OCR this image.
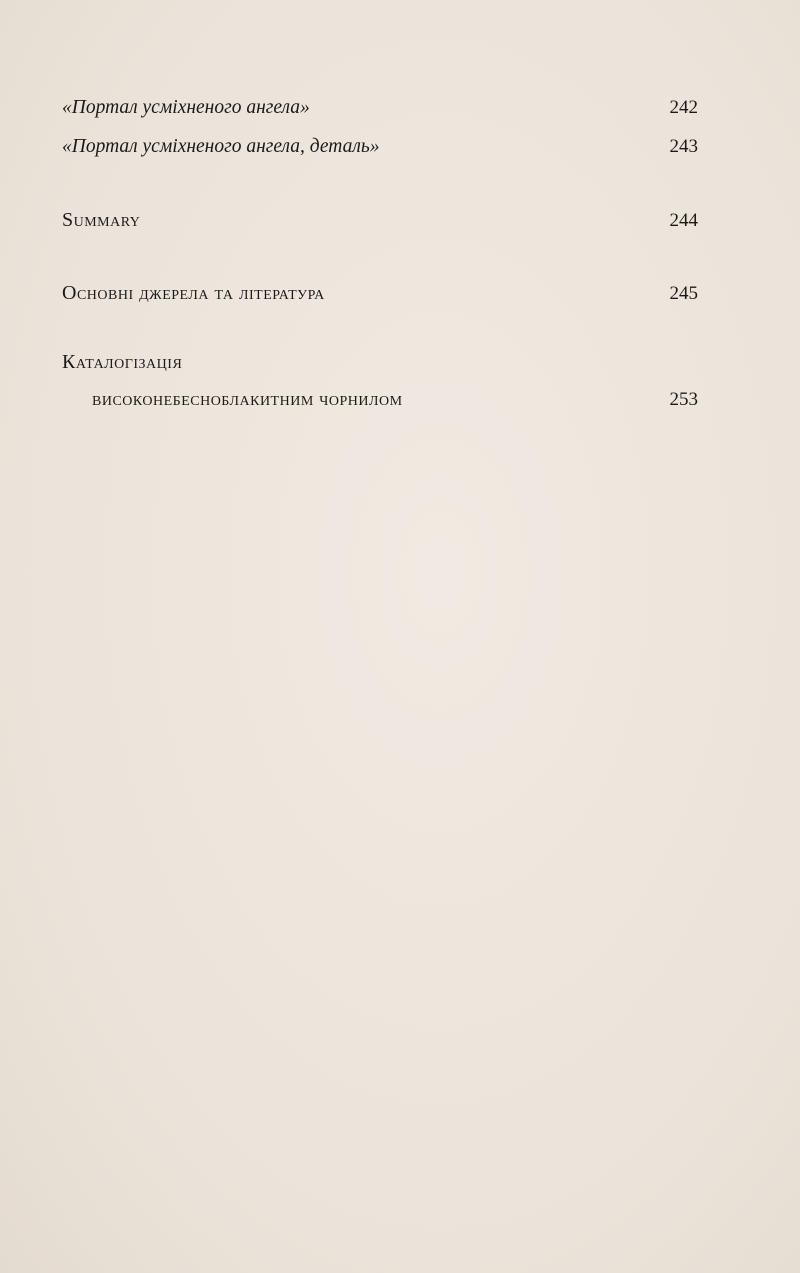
«Портал усміхненого ангела»	242
«Портал усміхненого ангела, деталь»	243
Summary	244
Основні джерела та література	245
Каталогізація
високонебесноблакитним чорнилом	253
